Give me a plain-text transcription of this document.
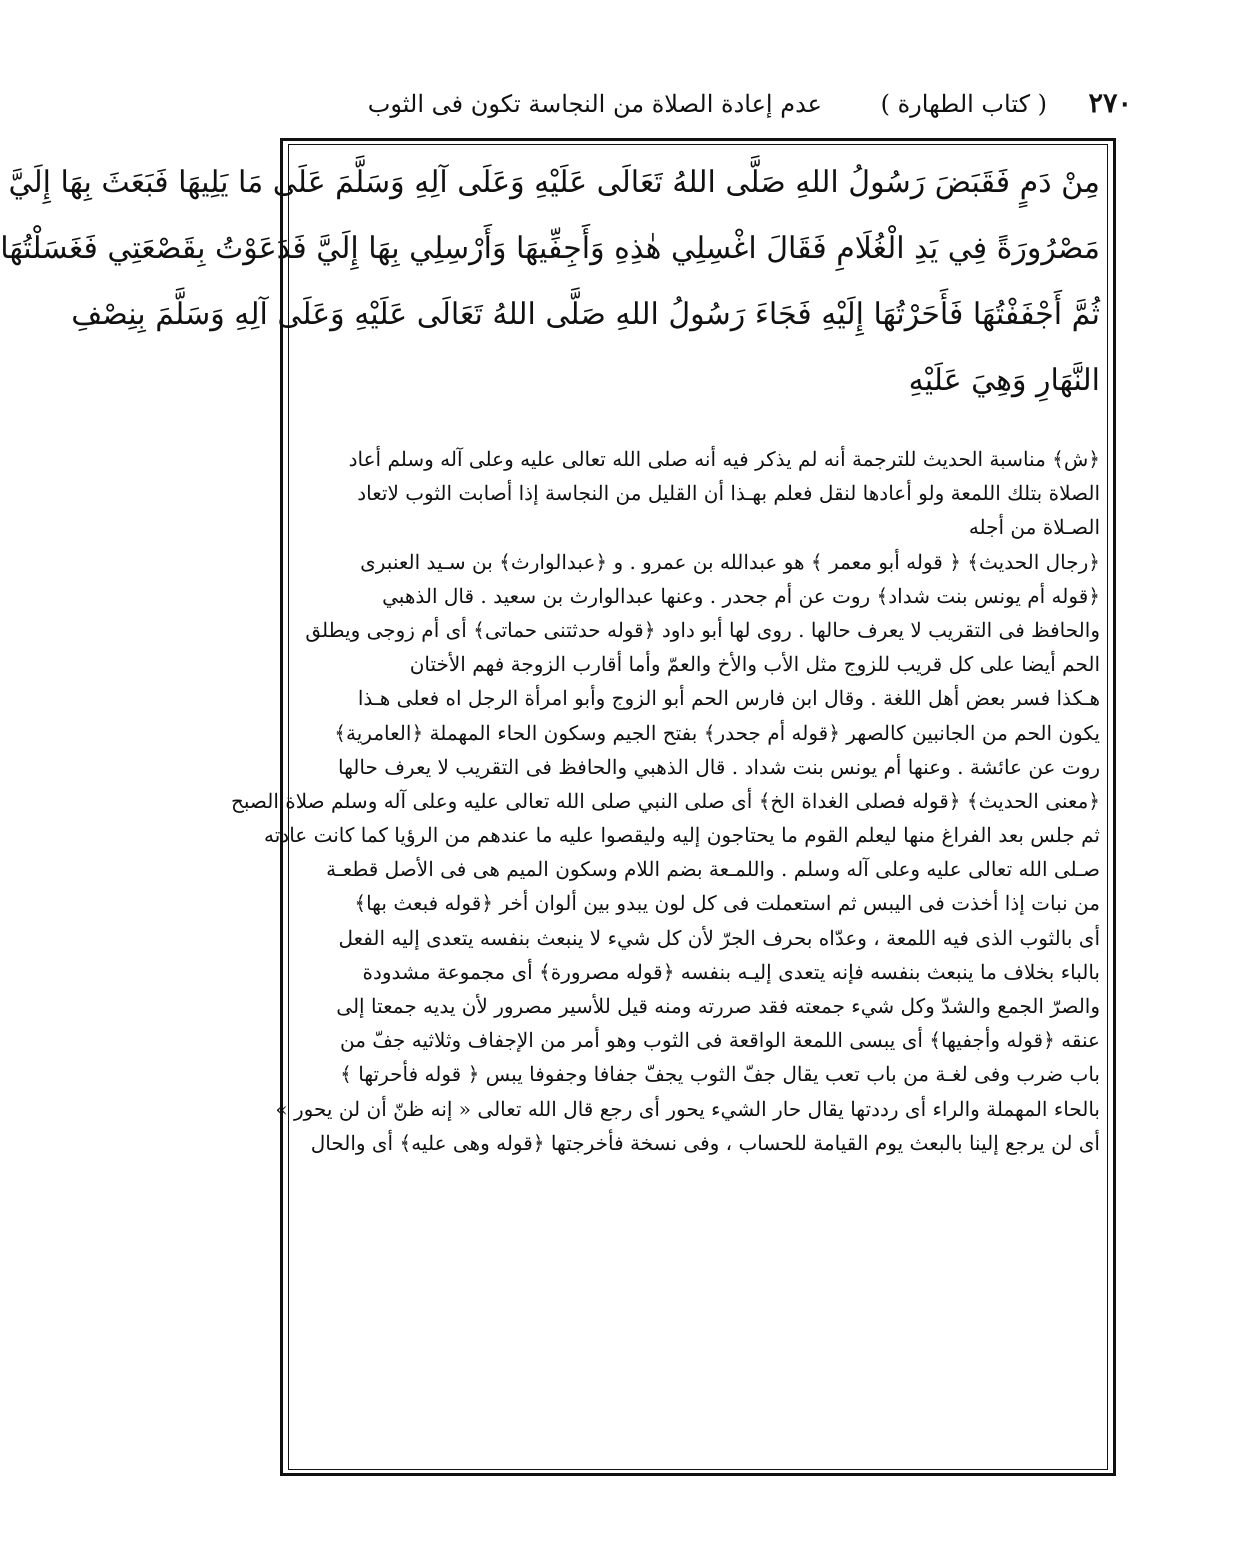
٢٧٠
( كتاب الطهارة )
عدم إعادة الصلاة من النجاسة تكون فى الثوب
مِنْ دَمٍ فَقَبَضَ رَسُولُ اللهِ صَلَّى اللهُ تَعَالَى عَلَيْهِ وَعَلَى آلِهِ وَسَلَّمَ عَلَى مَا يَلِيهَا فَبَعَثَ بِهَا إِلَيَّ
مَصْرُورَةً فِي يَدِ الْغُلَامِ فَقَالَ اغْسِلِي هٰذِهِ وَأَجِفِّيهَا وَأَرْسِلِي بِهَا إِلَيَّ فَدَعَوْتُ بِقَصْعَتِي فَغَسَلْتُهَا
ثُمَّ أَجْفَفْتُهَا فَأَحَرْتُهَا إِلَيْهِ فَجَاءَ رَسُولُ اللهِ صَلَّى اللهُ تَعَالَى عَلَيْهِ وَعَلَى آلِهِ وَسَلَّمَ بِنِصْفِ
النَّهَارِ وَهِيَ عَلَيْهِ
﴿ش﴾ مناسبة الحديث للترجمة أنه لم يذكر فيه أنه صلى الله تعالى عليه وعلى آله وسلم أعاد
الصلاة بتلك اللمعة ولو أعادها لنقل فعلم بهـذا أن القليل من النجاسة إذا أصابت الثوب لاتعاد
الصـلاة من أجله
﴿رجال الحديث﴾ ﴿ قوله أبو معمر ﴾ هو عبدالله بن عمرو . و ﴿عبدالوارث﴾ بن سـيد العنبرى
﴿قوله أم يونس بنت شداد﴾ روت عن أم جحدر . وعنها عبدالوارث بن سعيد . قال الذهبي
والحافظ فى التقريب لا يعرف حالها . روى لها أبو داود ﴿قوله حدثتنى حماتى﴾ أى أم زوجى ويطلق
الحم أيضا على كل قريب للزوج مثل الأب والأخ والعمّ وأما أقارب الزوجة فهم الأختان
هـكذا فسر بعض أهل اللغة . وقال ابن فارس الحم أبو الزوج وأبو امرأة الرجل اه فعلى هـذا
يكون الحم من الجانبين كالصهر ﴿قوله أم جحدر﴾ بفتح الجيم وسكون الحاء المهملة ﴿العامرية﴾
روت عن عائشة . وعنها أم يونس بنت شداد . قال الذهبي والحافظ فى التقريب لا يعرف حالها
﴿معنى الحديث﴾ ﴿قوله فصلى الغداة الخ﴾ أى صلى النبي صلى الله تعالى عليه وعلى آله وسلم صلاة الصبح
ثم جلس بعد الفراغ منها ليعلم القوم ما يحتاجون إليه وليقصوا عليه ما عندهم من الرؤيا كما كانت عادته
صـلى الله تعالى عليه وعلى آله وسلم . واللمـعة بضم اللام وسكون الميم هى فى الأصل قطعـة
من نبات إذا أخذت فى اليبس ثم استعملت فى كل لون يبدو بين ألوان أخر ﴿قوله فبعث بها﴾
أى بالثوب الذى فيه اللمعة ، وعدّاه بحرف الجرّ لأن كل شيء لا ينبعث بنفسه يتعدى إليه الفعل
بالباء بخلاف ما ينبعث بنفسه فإنه يتعدى إليـه بنفسه ﴿قوله مصرورة﴾ أى مجموعة مشدودة
والصرّ الجمع والشدّ وكل شيء جمعته فقد صررته ومنه قيل للأسير مصرور لأن يديه جمعتا إلى
عنقه ﴿قوله وأجفيها﴾ أى يبسى اللمعة الواقعة فى الثوب وهو أمر من الإجفاف وثلاثيه جفّ من
باب ضرب وفى لغـة من باب تعب يقال جفّ الثوب يجفّ جفافا وجفوفا يبس ﴿ قوله فأحرتها ﴾
بالحاء المهملة والراء أى رددتها يقال حار الشيء يحور أى رجع قال الله تعالى « إنه ظنّ أن لن يحور »
أى لن يرجع إلينا بالبعث يوم القيامة للحساب ، وفى نسخة فأخرجتها ﴿قوله وهى عليه﴾ أى والحال
